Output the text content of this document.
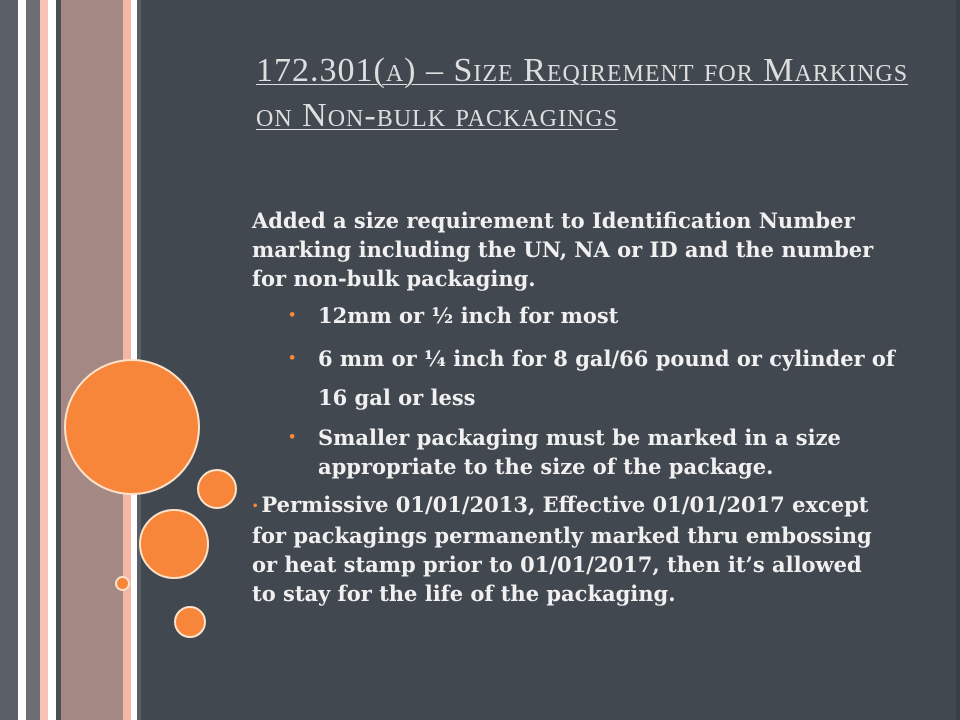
172.301(a) – Size Reqirement for Markings on Non-bulk packagings

Added a size requirement to Identification Number marking including the UN, NA or ID and the number for non-bulk packaging.

• 12mm or ½ inch for most
• 6 mm or ¼ inch for 8 gal/66 pound or cylinder of 16 gal or less
• Smaller packaging must be marked in a size appropriate to the size of the package.

• Permissive 01/01/2013, Effective 01/01/2017 except for packagings permanently marked thru embossing or heat stamp prior to 01/01/2017, then it’s allowed to stay for the life of the packaging.
